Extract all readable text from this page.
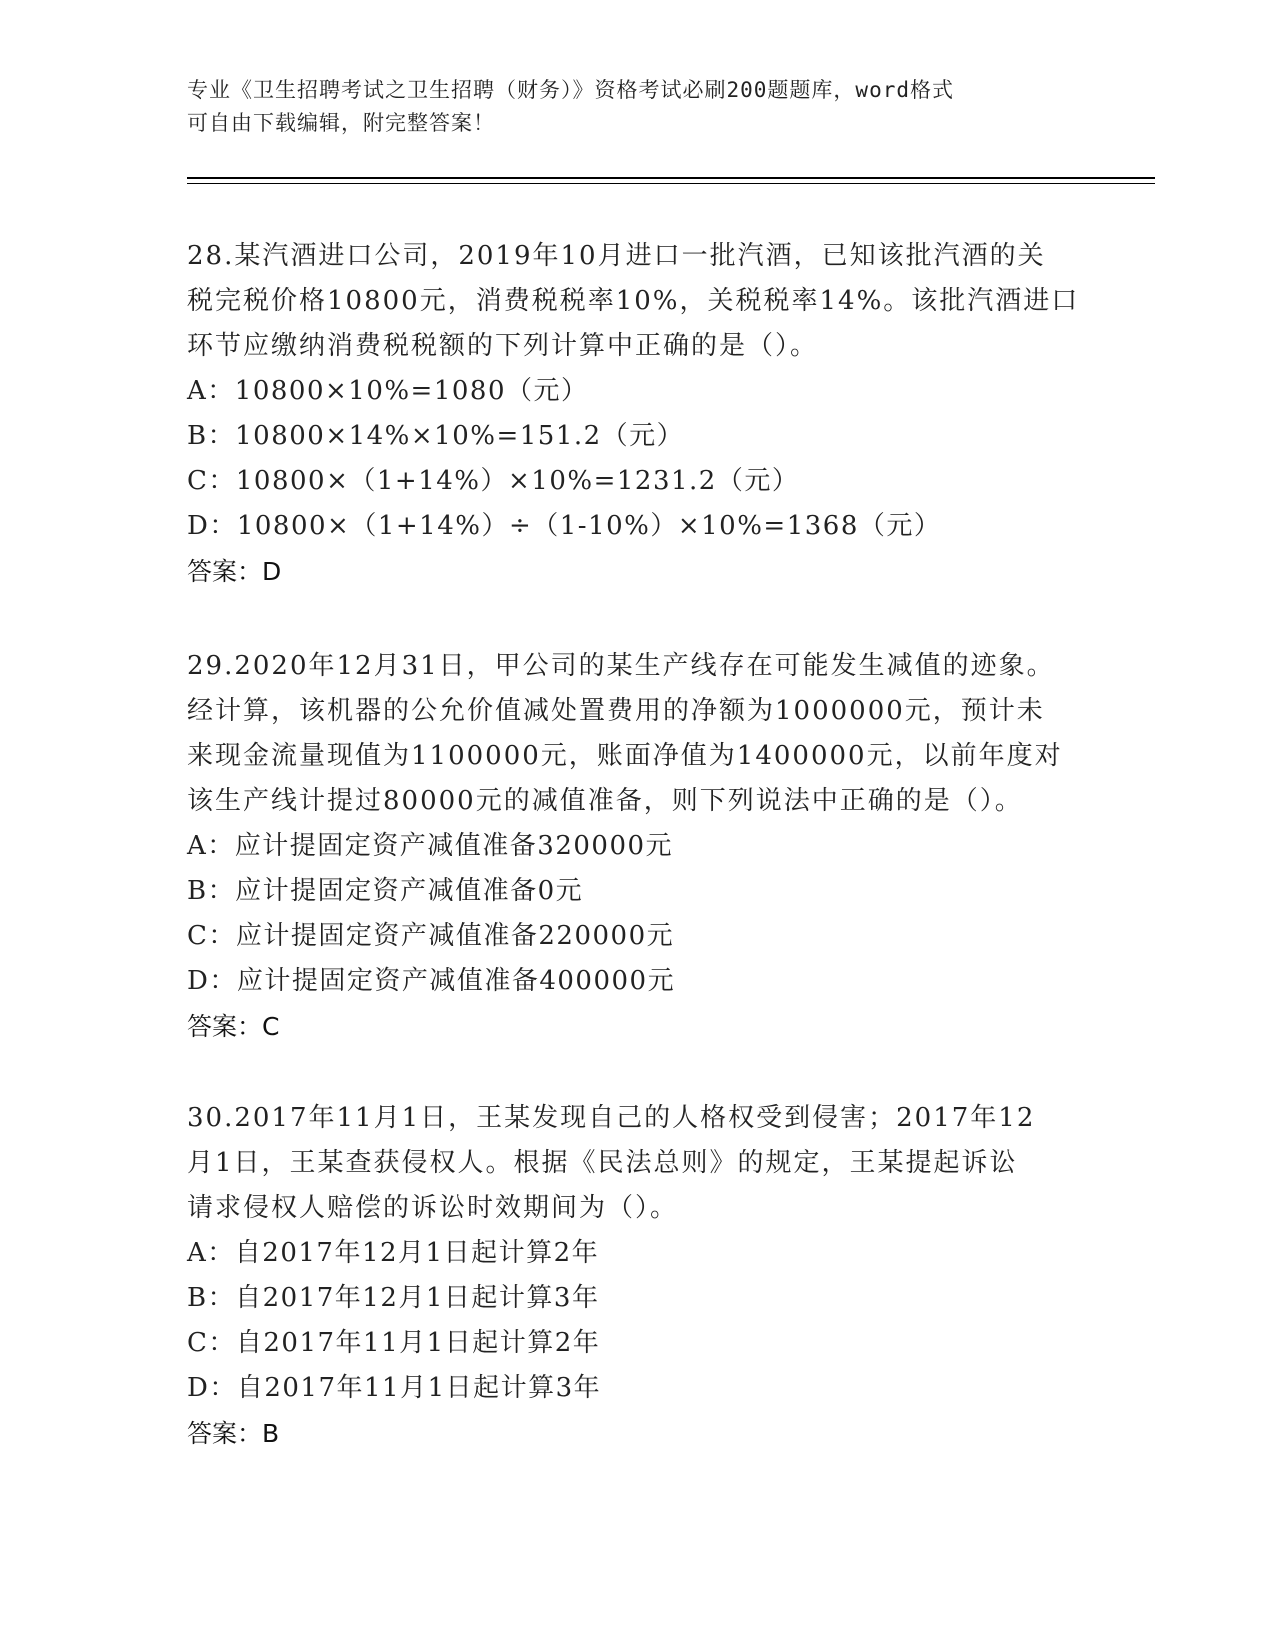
专业《卫生招聘考试之卫生招聘（财务）》资格考试必刷200题题库，word格式
可自由下载编辑，附完整答案！
28.某汽酒进口公司，2019年10月进口一批汽酒，已知该批汽酒的关
税完税价格10800元，消费税税率10%，关税税率14%。该批汽酒进口
环节应缴纳消费税税额的下列计算中正确的是（）。
A：10800×10%=1080（元）
B：10800×14%×10%=151.2（元）
C：10800×（1+14%）×10%=1231.2（元）
D：10800×（1+14%）÷（1-10%）×10%=1368（元）
答案：D
29.2020年12月31日，甲公司的某生产线存在可能发生减值的迹象。
经计算，该机器的公允价值减处置费用的净额为1000000元，预计未
来现金流量现值为1100000元，账面净值为1400000元，以前年度对
该生产线计提过80000元的减值准备，则下列说法中正确的是（）。
A：应计提固定资产减值准备320000元
B：应计提固定资产减值准备0元
C：应计提固定资产减值准备220000元
D：应计提固定资产减值准备400000元
答案：C
30.2017年11月1日，王某发现自己的人格权受到侵害；2017年12
月1日，王某查获侵权人。根据《民法总则》的规定，王某提起诉讼
请求侵权人赔偿的诉讼时效期间为（）。
A：自2017年12月1日起计算2年
B：自2017年12月1日起计算3年
C：自2017年11月1日起计算2年
D：自2017年11月1日起计算3年
答案：B
